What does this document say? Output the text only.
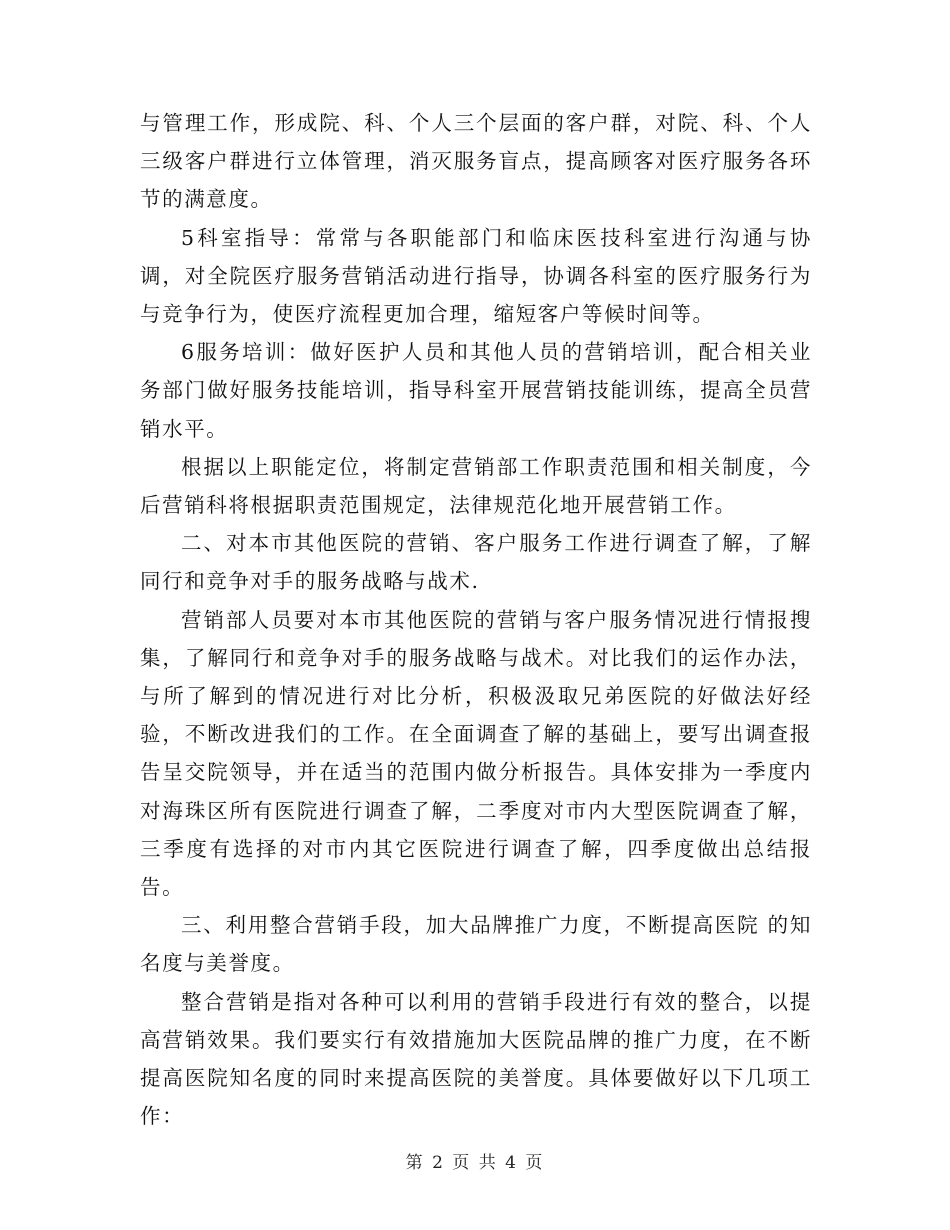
与管理工作，形成院、科、个人三个层面的客户群，对院、科、个人三级客户群进行立体管理，消灭服务盲点，提高顾客对医疗服务各环节的满意度。

5科室指导：常常与各职能部门和临床医技科室进行沟通与协调，对全院医疗服务营销活动进行指导，协调各科室的医疗服务行为与竞争行为，使医疗流程更加合理，缩短客户等候时间等。

6服务培训：做好医护人员和其他人员的营销培训，配合相关业务部门做好服务技能培训，指导科室开展营销技能训练，提高全员营销水平。

根据以上职能定位，将制定营销部工作职责范围和相关制度，今后营销科将根据职责范围规定，法律规范化地开展营销工作。

二、对本市其他医院的营销、客户服务工作进行调查了解，了解同行和竞争对手的服务战略与战术.

营销部人员要对本市其他医院的营销与客户服务情况进行情报搜集，了解同行和竞争对手的服务战略与战术。对比我们的运作办法，与所了解到的情况进行对比分析，积极汲取兄弟医院的好做法好经验，不断改进我们的工作。在全面调查了解的基础上，要写出调查报告呈交院领导，并在适当的范围内做分析报告。具体安排为一季度内对海珠区所有医院进行调查了解，二季度对市内大型医院调查了解，三季度有选择的对市内其它医院进行调查了解，四季度做出总结报告。

三、利用整合营销手段，加大品牌推广力度，不断提高医院 的知名度与美誉度。

整合营销是指对各种可以利用的营销手段进行有效的整合，以提高营销效果。我们要实行有效措施加大医院品牌的推广力度，在不断提高医院知名度的同时来提高医院的美誉度。具体要做好以下几项工作：

第 2 页 共 4 页
